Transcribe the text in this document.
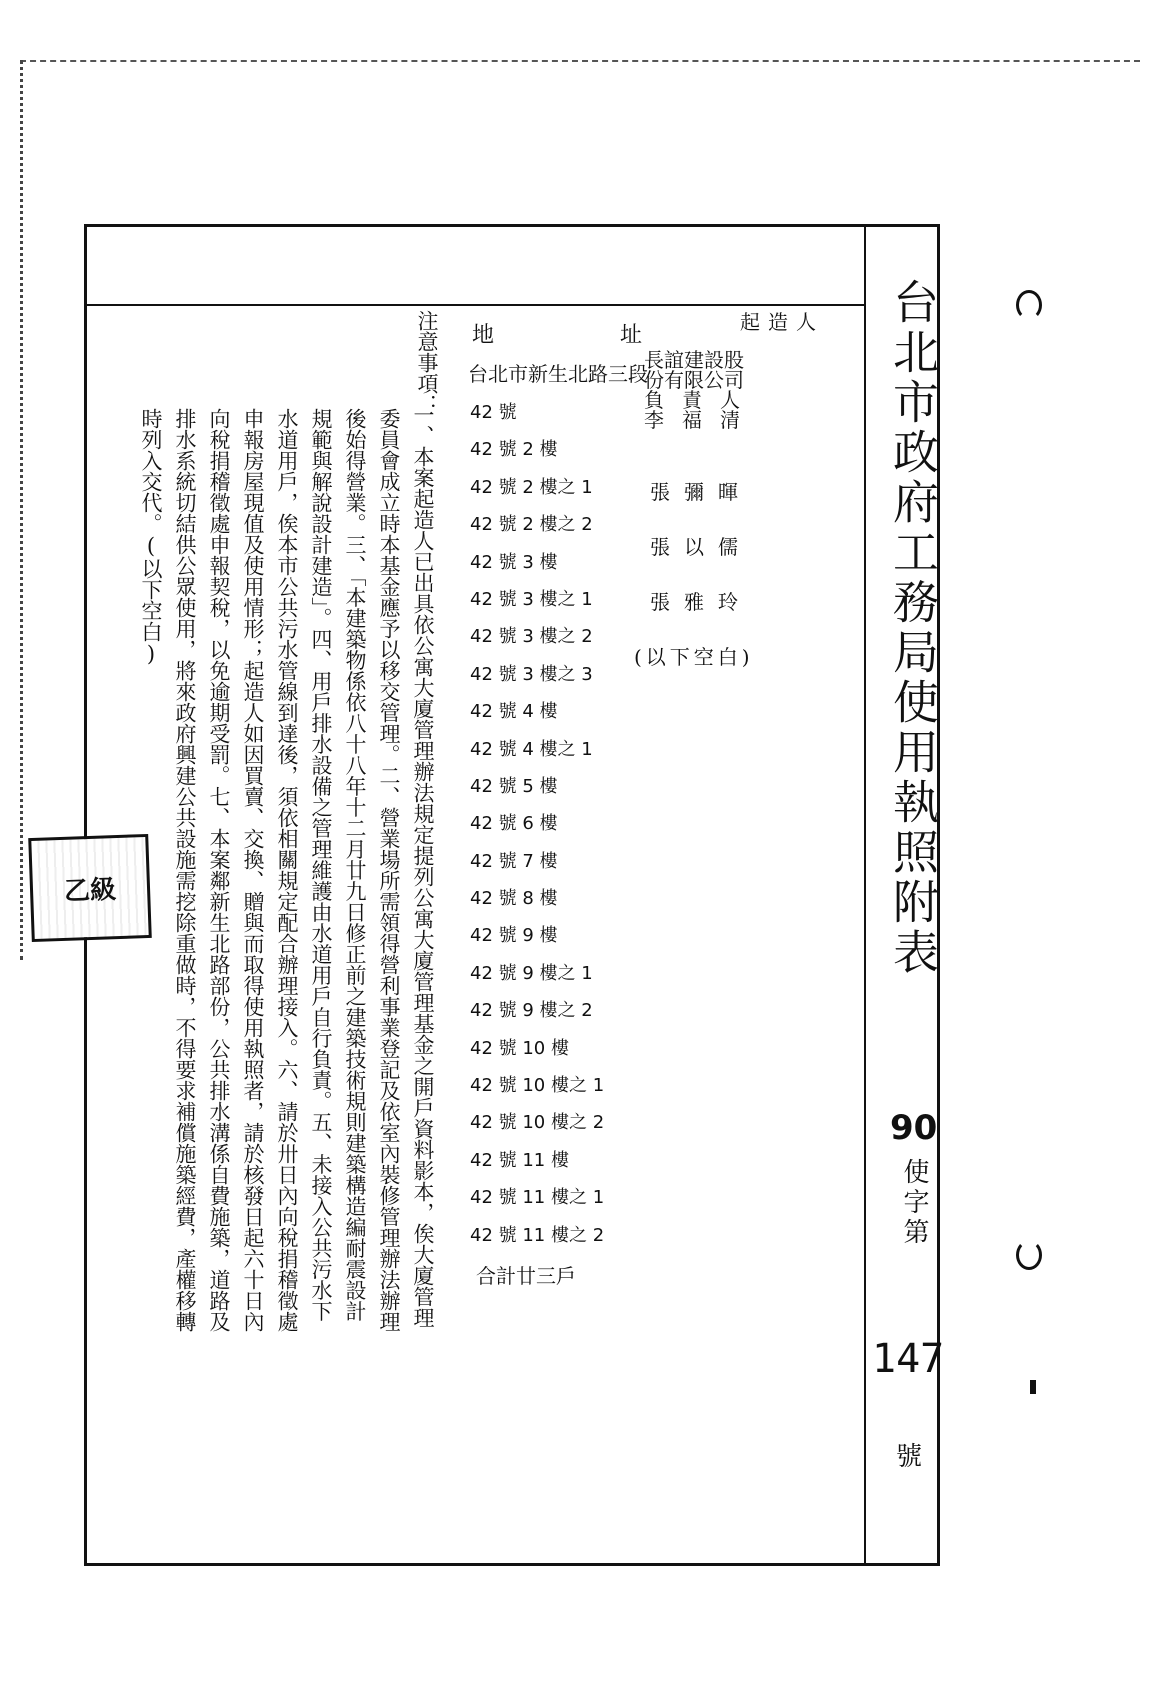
台北市政府工務局使用執照附表
90
使字第
147
號
起造人
長誼建設股
份有限公司
負責人
李福清
張彌暉
張以儒
張雅玲
(以下空白)
地	址
台北市新生北路三段
42 號
42 號 2 樓
42 號 2 樓之 1
42 號 2 樓之 2
42 號 3 樓
42 號 3 樓之 1
42 號 3 樓之 2
42 號 3 樓之 3
42 號 4 樓
42 號 4 樓之 1
42 號 5 樓
42 號 6 樓
42 號 7 樓
42 號 8 樓
42 號 9 樓
42 號 9 樓之 1
42 號 9 樓之 2
42 號 10 樓
42 號 10 樓之 1
42 號 10 樓之 2
42 號 11 樓
42 號 11 樓之 1
42 號 11 樓之 2
合計廿三戶
注意事項：
一、本案起造人已出具依公寓大廈管理辦法規定提列公寓大廈管理基金之開戶資料影本，俟大廈管理
委員會成立時本基金應予以移交管理。二、營業場所需領得營利事業登記及依室內裝修管理辦法辦理
後始得營業。三、「本建築物係依八十八年十二月廿九日修正前之建築技術規則建築構造編耐震設計
規範與解說設計建造」。四、用戶排水設備之管理維護由水道用戶自行負責。五、未接入公共污水下
水道用戶，俟本市公共污水管線到達後，須依相關規定配合辦理接入。六、請於卅日內向稅捐稽徵處
申報房屋現值及使用情形；起造人如因買賣、交換、贈與而取得使用執照者，請於核發日起六十日內
向稅捐稽徵處申報契稅，以免逾期受罰。七、本案鄰新生北路部份，公共排水溝係自費施築，道路及
排水系統切結供公眾使用，將來政府興建公共設施需挖除重做時，不得要求補償施築經費，產權移轉
時列入交代。(以下空白)
乙級
